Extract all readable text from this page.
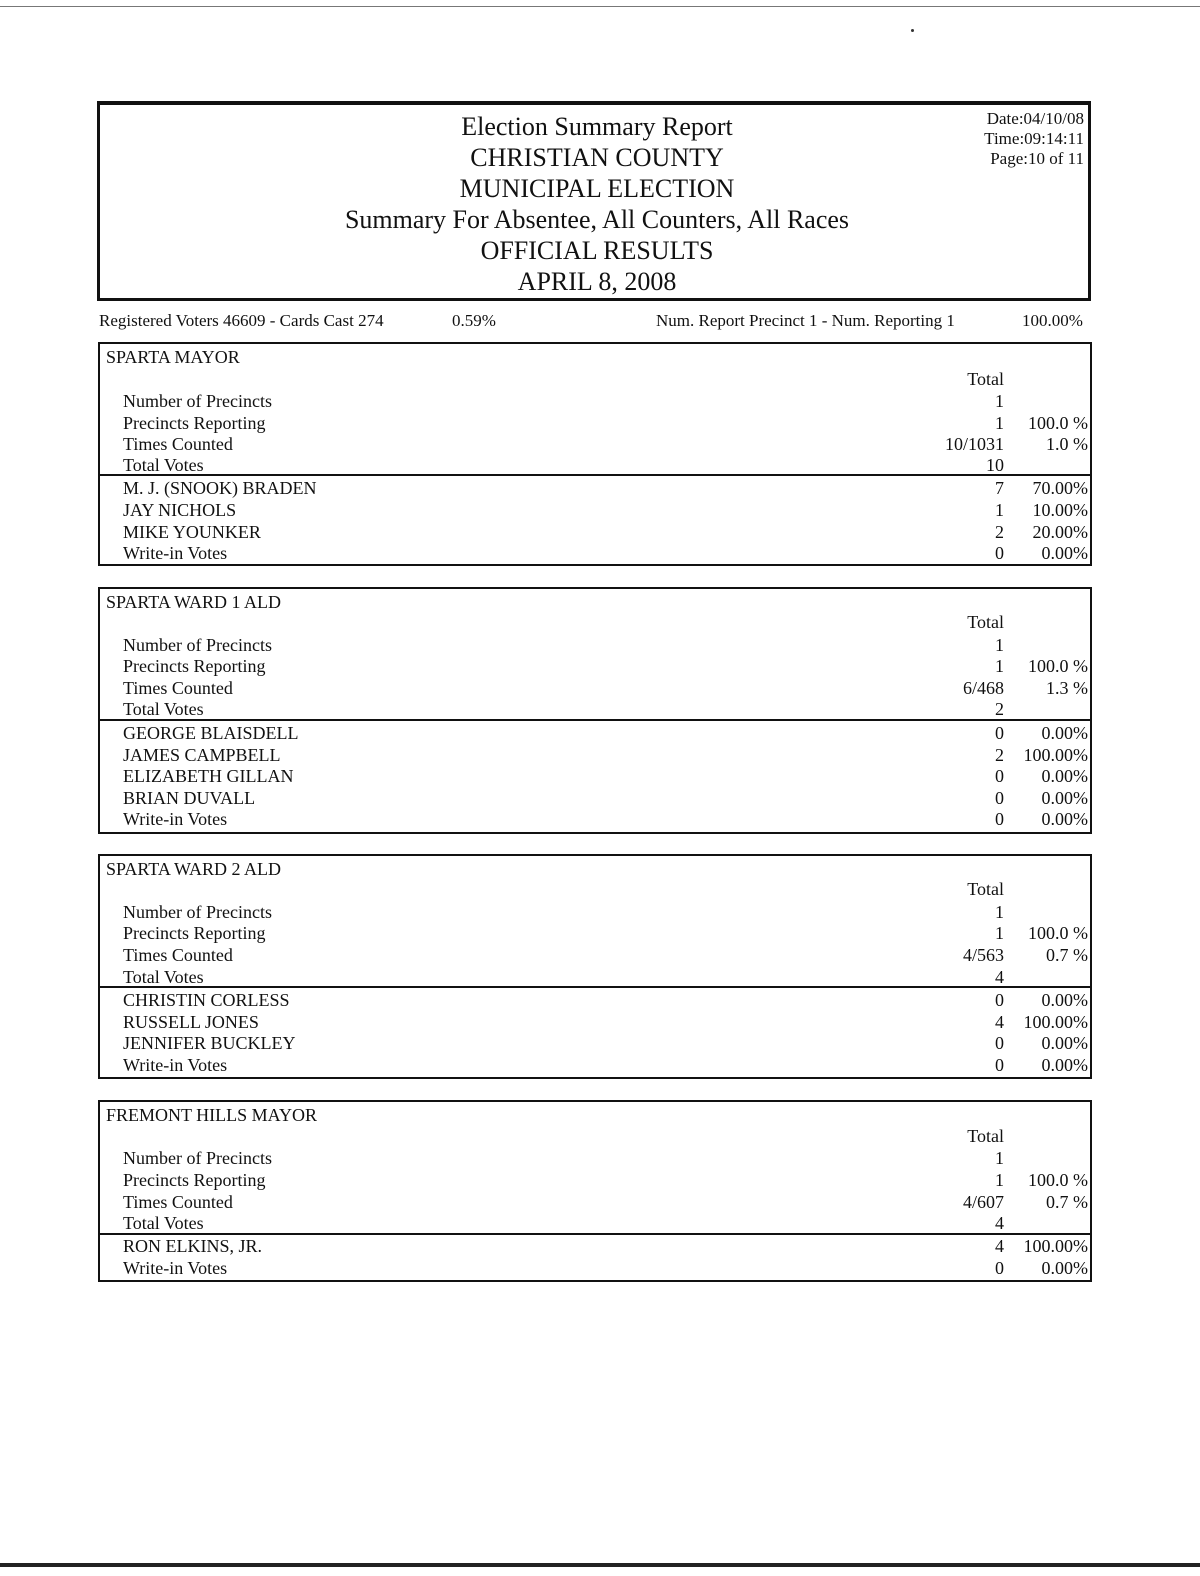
Election Summary Report
CHRISTIAN COUNTY
MUNICIPAL ELECTION
Summary For Absentee, All Counters, All Races
OFFICIAL RESULTS
APRIL 8, 2008
Date:04/10/08
Time:09:14:11
Page:10 of 11
Registered Voters 46609 - Cards Cast 274	0.59%	Num. Report Precinct 1 - Num. Reporting 1	100.00%
SPARTA MAYOR
Total
Number of Precincts	1
Precincts Reporting	1 100.0 %
Times Counted	10/1031 1.0 %
Total Votes	10
M. J. (SNOOK) BRADEN	7 70.00%
JAY NICHOLS	1 10.00%
MIKE YOUNKER	2 20.00%
Write-in Votes	0 0.00%
SPARTA WARD 1 ALD
Total
Number of Precincts	1
Precincts Reporting	1 100.0 %
Times Counted	6/468 1.3 %
Total Votes	2
GEORGE BLAISDELL	0 0.00%
JAMES CAMPBELL	2 100.00%
ELIZABETH GILLAN	0 0.00%
BRIAN DUVALL	0 0.00%
Write-in Votes	0 0.00%
SPARTA WARD 2 ALD
Total
Number of Precincts	1
Precincts Reporting	1 100.0 %
Times Counted	4/563 0.7 %
Total Votes	4
CHRISTIN CORLESS	0 0.00%
RUSSELL JONES	4 100.00%
JENNIFER BUCKLEY	0 0.00%
Write-in Votes	0 0.00%
FREMONT HILLS MAYOR
Total
Number of Precincts	1
Precincts Reporting	1 100.0 %
Times Counted	4/607 0.7 %
Total Votes	4
RON ELKINS, JR.	4 100.00%
Write-in Votes	0 0.00%
